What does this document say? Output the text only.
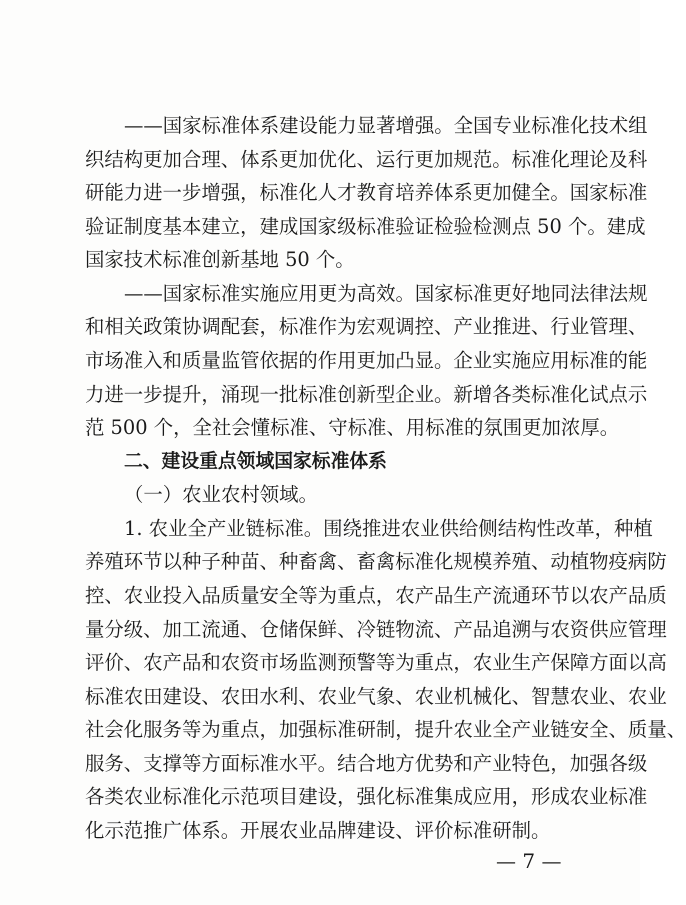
——国家标准体系建设能力显著增强。全国专业标准化技术组
织结构更加合理、体系更加优化、运行更加规范。标准化理论及科
研能力进一步增强，标准化人才教育培养体系更加健全。国家标准
验证制度基本建立，建成国家级标准验证检验检测点 50 个。建成
国家技术标准创新基地 50 个。
——国家标准实施应用更为高效。国家标准更好地同法律法规
和相关政策协调配套，标准作为宏观调控、产业推进、行业管理、
市场准入和质量监管依据的作用更加凸显。企业实施应用标准的能
力进一步提升，涌现一批标准创新型企业。新增各类标准化试点示
范 500 个，全社会懂标准、守标准、用标准的氛围更加浓厚。
二、建设重点领域国家标准体系
（一）农业农村领域。
1. 农业全产业链标准。围绕推进农业供给侧结构性改革，种植
养殖环节以种子种苗、种畜禽、畜禽标准化规模养殖、动植物疫病防
控、农业投入品质量安全等为重点，农产品生产流通环节以农产品质
量分级、加工流通、仓储保鲜、冷链物流、产品追溯与农资供应管理
评价、农产品和农资市场监测预警等为重点，农业生产保障方面以高
标准农田建设、农田水利、农业气象、农业机械化、智慧农业、农业
社会化服务等为重点，加强标准研制，提升农业全产业链安全、质量、
服务、支撑等方面标准水平。结合地方优势和产业特色，加强各级
各类农业标准化示范项目建设，强化标准集成应用，形成农业标准
化示范推广体系。开展农业品牌建设、评价标准研制。
— 7 —
